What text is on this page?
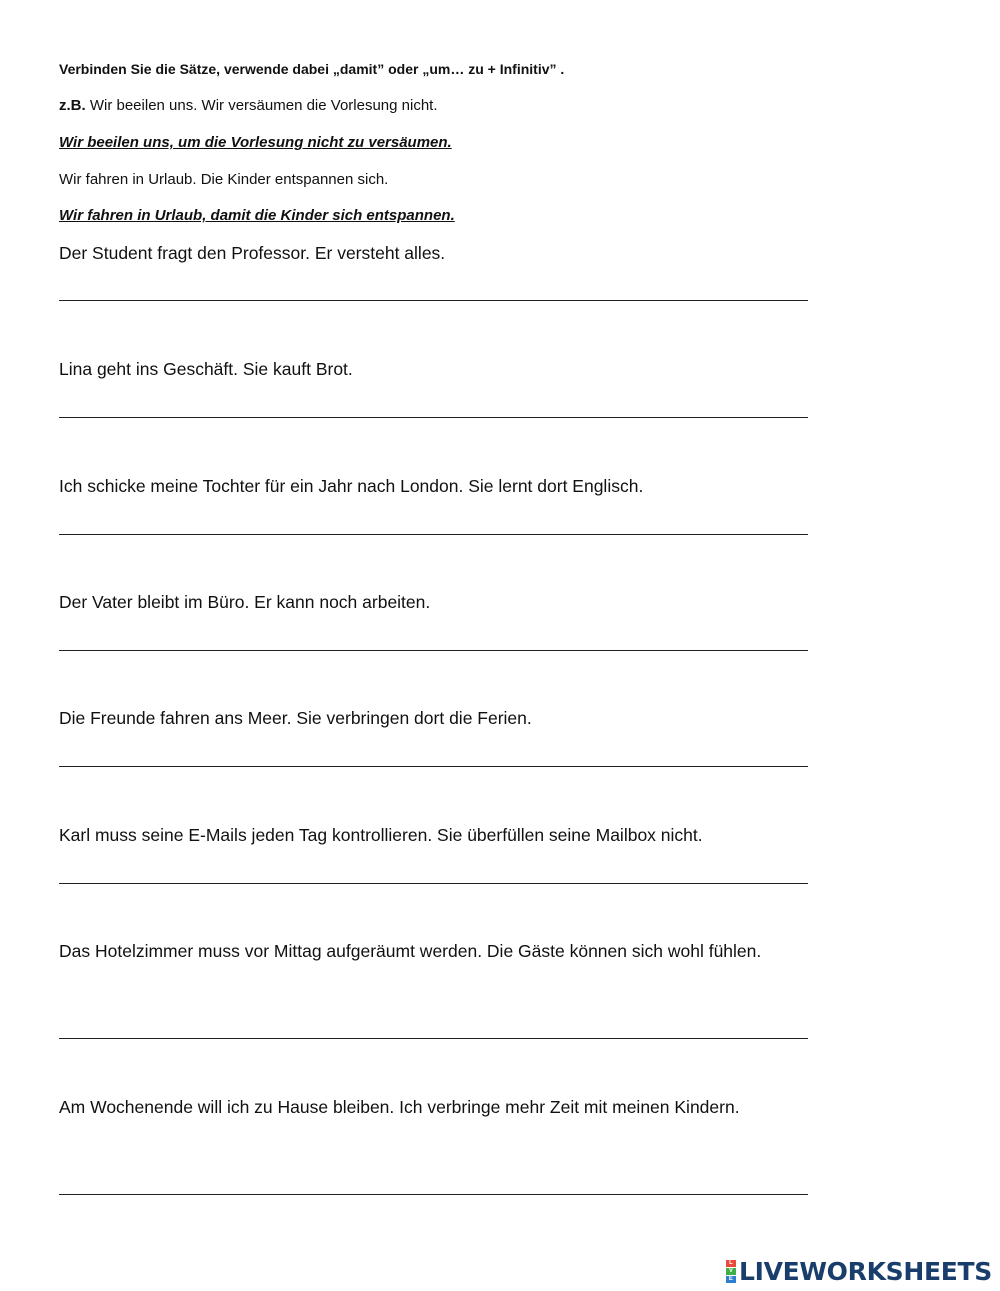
Verbinden Sie die Sätze, verwende dabei „damit” oder „um… zu + Infinitiv” .
z.B. Wir beeilen uns. Wir versäumen die Vorlesung nicht.
Wir beeilen uns, um die Vorlesung nicht zu versäumen.
Wir fahren in Urlaub. Die Kinder entspannen sich.
Wir fahren in Urlaub, damit die Kinder sich entspannen.
Der Student fragt den Professor. Er versteht alles.
Lina geht ins Geschäft. Sie kauft Brot.
Ich schicke meine Tochter für ein Jahr nach London. Sie lernt dort Englisch.
Der Vater bleibt im Büro. Er kann noch arbeiten.
Die Freunde fahren ans Meer. Sie verbringen dort die Ferien.
Karl muss seine E-Mails jeden Tag kontrollieren. Sie überfüllen seine Mailbox nicht.
Das Hotelzimmer muss vor Mittag aufgeräumt werden. Die Gäste können sich wohl fühlen.
Am Wochenende will ich zu Hause bleiben. Ich verbringe mehr Zeit mit meinen Kindern.
L
V
E LIVEWORKSHEETS
